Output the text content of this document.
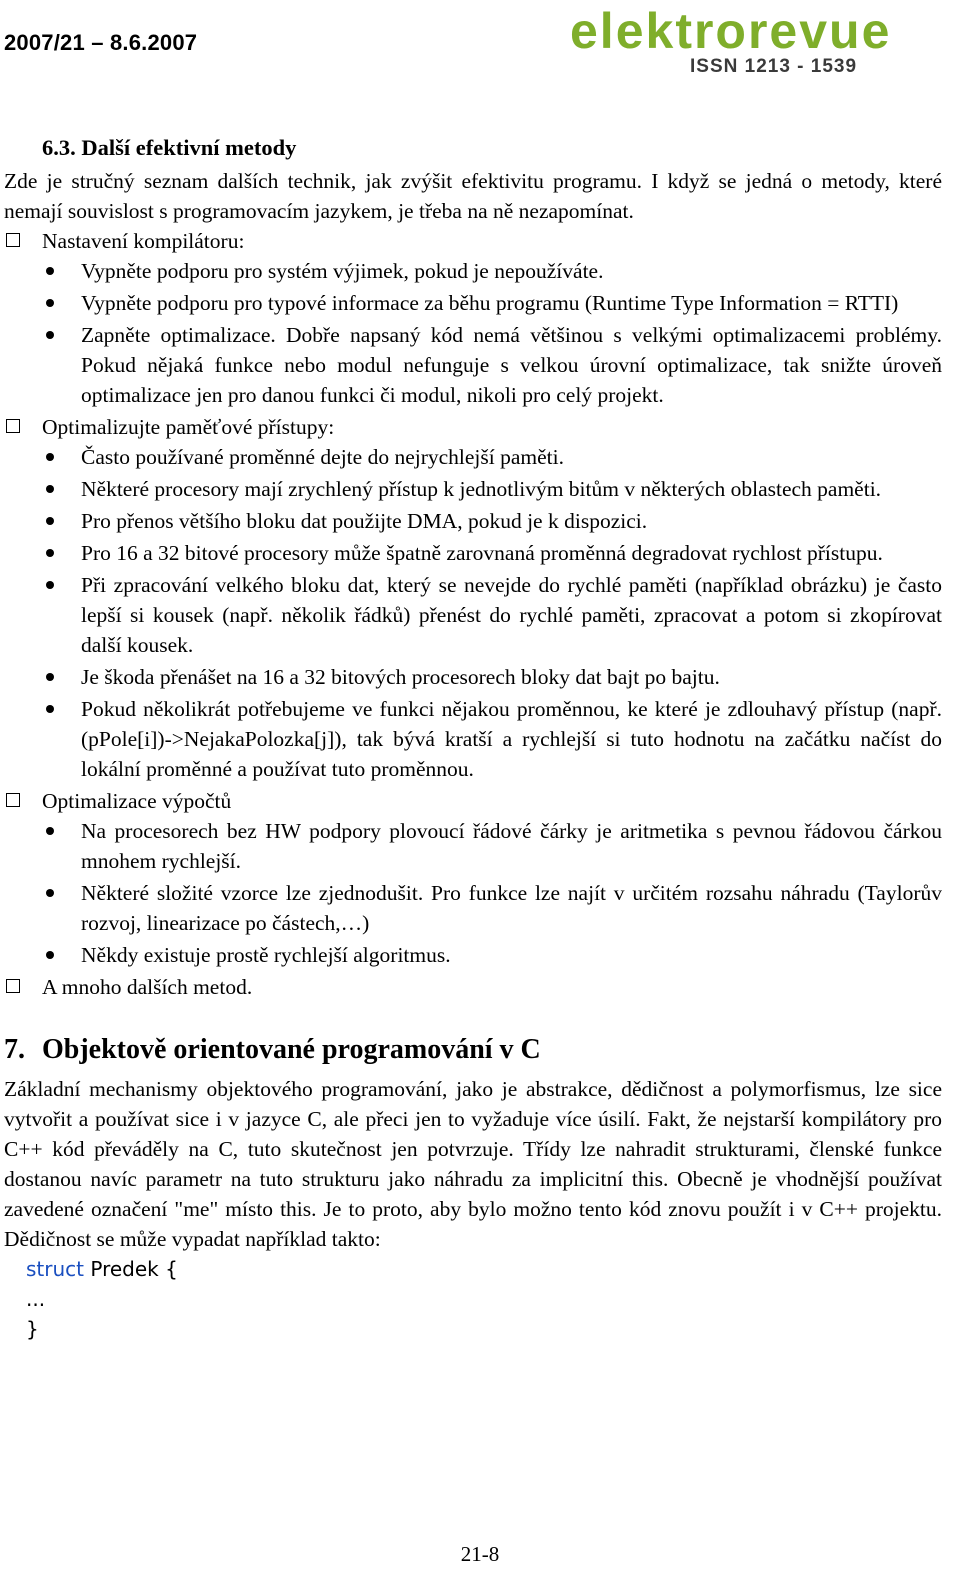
2007/21 – 8.6.2007	elektrorevue
ISSN 1213 - 1539
6.3. Další efektivní metody

Zde je stručný seznam dalších technik, jak zvýšit efektivitu programu. I když se jedná o metody, které nemají souvislost s programovacím jazykem, je třeba na ně nezapomínat.

Nastavení kompilátoru:
Vypněte podporu pro systém výjimek, pokud je nepoužíváte.
Vypněte podporu pro typové informace za běhu programu (Runtime Type Information = RTTI)
Zapněte optimalizace. Dobře napsaný kód nemá většinou s velkými optimalizacemi problémy. Pokud nějaká funkce nebo modul nefunguje s velkou úrovní optimalizace, tak snižte úroveň optimalizace jen pro danou funkci či modul, nikoli pro celý projekt.
Optimalizujte paměťové přístupy:
Často používané proměnné dejte do nejrychlejší paměti.
Některé procesory mají zrychlený přístup k jednotlivým bitům v některých oblastech paměti.
Pro přenos většího bloku dat použijte DMA, pokud je k dispozici.
Pro 16 a 32 bitové procesory může špatně zarovnaná proměnná degradovat rychlost přístupu.
Při zpracování velkého bloku dat, který se nevejde do rychlé paměti (například obrázku) je často lepší si kousek (např. několik řádků) přenést do rychlé paměti, zpracovat a potom si zkopírovat další kousek.
Je škoda přenášet na 16 a 32 bitových procesorech bloky dat bajt po bajtu.
Pokud několikrát potřebujeme ve funkci nějakou proměnnou, ke které je zdlouhavý přístup (např. (pPole[i])->NejakaPolozka[j]), tak bývá kratší a rychlejší si tuto hodnotu na začátku načíst do lokální proměnné a používat tuto proměnnou.
Optimalizace výpočtů
Na procesorech bez HW podpory plovoucí řádové čárky je aritmetika s pevnou řádovou čárkou mnohem rychlejší.
Některé složité vzorce lze zjednodušit. Pro funkce lze najít v určitém rozsahu náhradu (Taylorův rozvoj, linearizace po částech,…)
Někdy existuje prostě rychlejší algoritmus.
A mnoho dalších metod.
7. Objektově orientované programování v C

Základní mechanismy objektového programování, jako je abstrakce, dědičnost a polymorfismus, lze sice vytvořit a používat sice i v jazyce C, ale přeci jen to vyžaduje více úsilí. Fakt, že nejstarší kompilátory pro C++ kód převáděly na C, tuto skutečnost jen potvrzuje. Třídy lze nahradit strukturami, členské funkce dostanou navíc parametr na tuto strukturu jako náhradu za implicitní this. Obecně je vhodnější používat zavedené označení "me" místo this. Je to proto, aby bylo možno tento kód znovu použít i v C++ projektu. Dědičnost se může vypadat například takto:

struct Predek {
...
}
21-8
